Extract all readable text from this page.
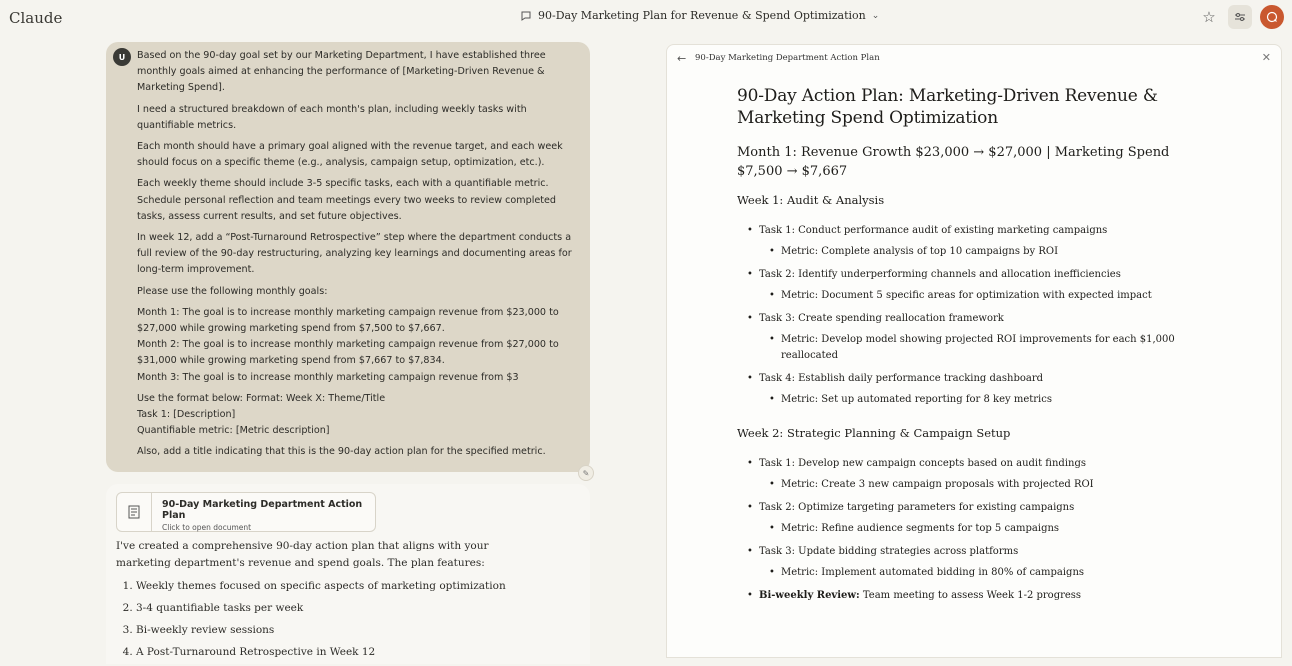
Claude	90-Day Marketing Plan for Revenue & Spend Optimization ⌄	☆
U	Based on the 90-day goal set by our Marketing Department, I have established three monthly goals aimed at enhancing the performance of [Marketing-Driven Revenue & Marketing Spend].

I need a structured breakdown of each month's plan, including weekly tasks with quantifiable metrics.

Each month should have a primary goal aligned with the revenue target, and each week should focus on a specific theme (e.g., analysis, campaign setup, optimization, etc.).

Each weekly theme should include 3-5 specific tasks, each with a quantifiable metric. Schedule personal reflection and team meetings every two weeks to review completed tasks, assess current results, and set future objectives.

In week 12, add a “Post-Turnaround Retrospective” step where the department conducts a full review of the 90-day restructuring, analyzing key learnings and documenting areas for long-term improvement.

Please use the following monthly goals:

Month 1: The goal is to increase monthly marketing campaign revenue from $23,000 to $27,000 while growing marketing spend from $7,500 to $7,667.
Month 2: The goal is to increase monthly marketing campaign revenue from $27,000 to $31,000 while growing marketing spend from $7,667 to $7,834.
Month 3: The goal is to increase monthly marketing campaign revenue from $3

Use the format below: Format: Week X: Theme/Title
Task 1: [Description]
Quantifiable metric: [Metric description]

Also, add a title indicating that this is the 90-day action plan for the specified metric.

✎
90-Day Marketing Department Action Plan
Click to open document
I've created a comprehensive 90-day action plan that aligns with your marketing department's revenue and spend goals. The plan features:
1. Weekly themes focused on specific aspects of marketing optimization
2. 3-4 quantifiable tasks per week
3. Bi-weekly review sessions
4. A Post-Turnaround Retrospective in Week 12
← 90-Day Marketing Department Action Plan	✕
90-Day Action Plan: Marketing-Driven Revenue & Marketing Spend Optimization
Month 1: Revenue Growth $23,000 → $27,000 | Marketing Spend $7,500 → $7,667
Week 1: Audit & Analysis
• Task 1: Conduct performance audit of existing marketing campaigns
• Metric: Complete analysis of top 10 campaigns by ROI
• Task 2: Identify underperforming channels and allocation inefficiencies
• Metric: Document 5 specific areas for optimization with expected impact
• Task 3: Create spending reallocation framework
• Metric: Develop model showing projected ROI improvements for each $1,000 reallocated
• Task 4: Establish daily performance tracking dashboard
• Metric: Set up automated reporting for 8 key metrics
Week 2: Strategic Planning & Campaign Setup
• Task 1: Develop new campaign concepts based on audit findings
• Metric: Create 3 new campaign proposals with projected ROI
• Task 2: Optimize targeting parameters for existing campaigns
• Metric: Refine audience segments for top 5 campaigns
• Task 3: Update bidding strategies across platforms
• Metric: Implement automated bidding in 80% of campaigns
• Bi-weekly Review: Team meeting to assess Week 1-2 progress
